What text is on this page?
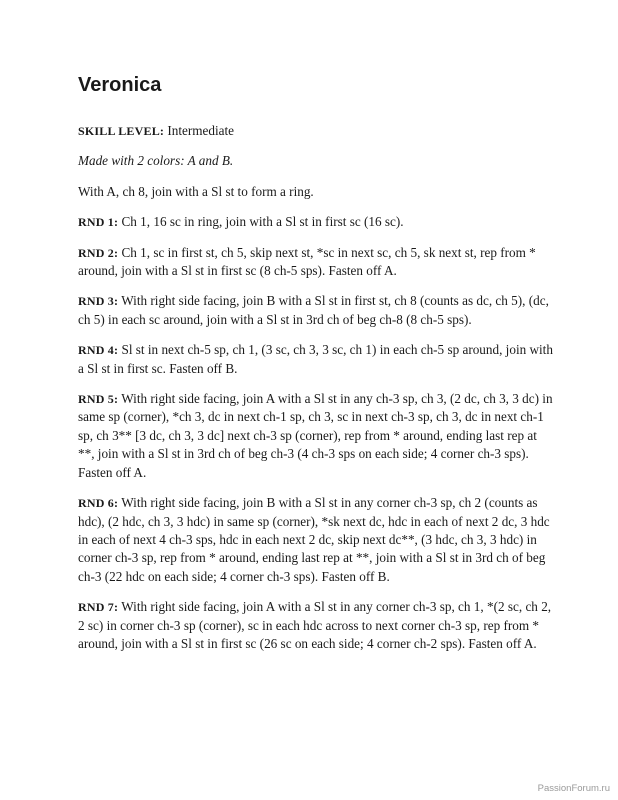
Veronica

SKILL LEVEL: Intermediate

Made with 2 colors: A and B.

With A, ch 8, join with a Sl st to form a ring.

RND 1: Ch 1, 16 sc in ring, join with a Sl st in first sc (16 sc).

RND 2: Ch 1, sc in first st, ch 5, skip next st, *sc in next sc, ch 5, sk next st, rep from * around, join with a Sl st in first sc (8 ch-5 sps). Fasten off A.

RND 3: With right side facing, join B with a Sl st in first st, ch 8 (counts as dc, ch 5), (dc, ch 5) in each sc around, join with a Sl st in 3rd ch of beg ch-8 (8 ch-5 sps).

RND 4: Sl st in next ch-5 sp, ch 1, (3 sc, ch 3, 3 sc, ch 1) in each ch-5 sp around, join with a Sl st in first sc. Fasten off B.

RND 5: With right side facing, join A with a Sl st in any ch-3 sp, ch 3, (2 dc, ch 3, 3 dc) in same sp (corner), *ch 3, dc in next ch-1 sp, ch 3, sc in next ch-3 sp, ch 3, dc in next ch-1 sp, ch 3** [3 dc, ch 3, 3 dc] next ch-3 sp (corner), rep from * around, ending last rep at **, join with a Sl st in 3rd ch of beg ch-3 (4 ch-3 sps on each side; 4 corner ch-3 sps). Fasten off A.

RND 6: With right side facing, join B with a Sl st in any corner ch-3 sp, ch 2 (counts as hdc), (2 hdc, ch 3, 3 hdc) in same sp (corner), *sk next dc, hdc in each of next 2 dc, 3 hdc in each of next 4 ch-3 sps, hdc in each next 2 dc, skip next dc**, (3 hdc, ch 3, 3 hdc) in corner ch-3 sp, rep from * around, ending last rep at **, join with a Sl st in 3rd ch of beg ch-3 (22 hdc on each side; 4 corner ch-3 sps). Fasten off B.

RND 7: With right side facing, join A with a Sl st in any corner ch-3 sp, ch 1, *(2 sc, ch 2, 2 sc) in corner ch-3 sp (corner), sc in each hdc across to next corner ch-3 sp, rep from * around, join with a Sl st in first sc (26 sc on each side; 4 corner ch-2 sps). Fasten off A.

PassionForum.ru
